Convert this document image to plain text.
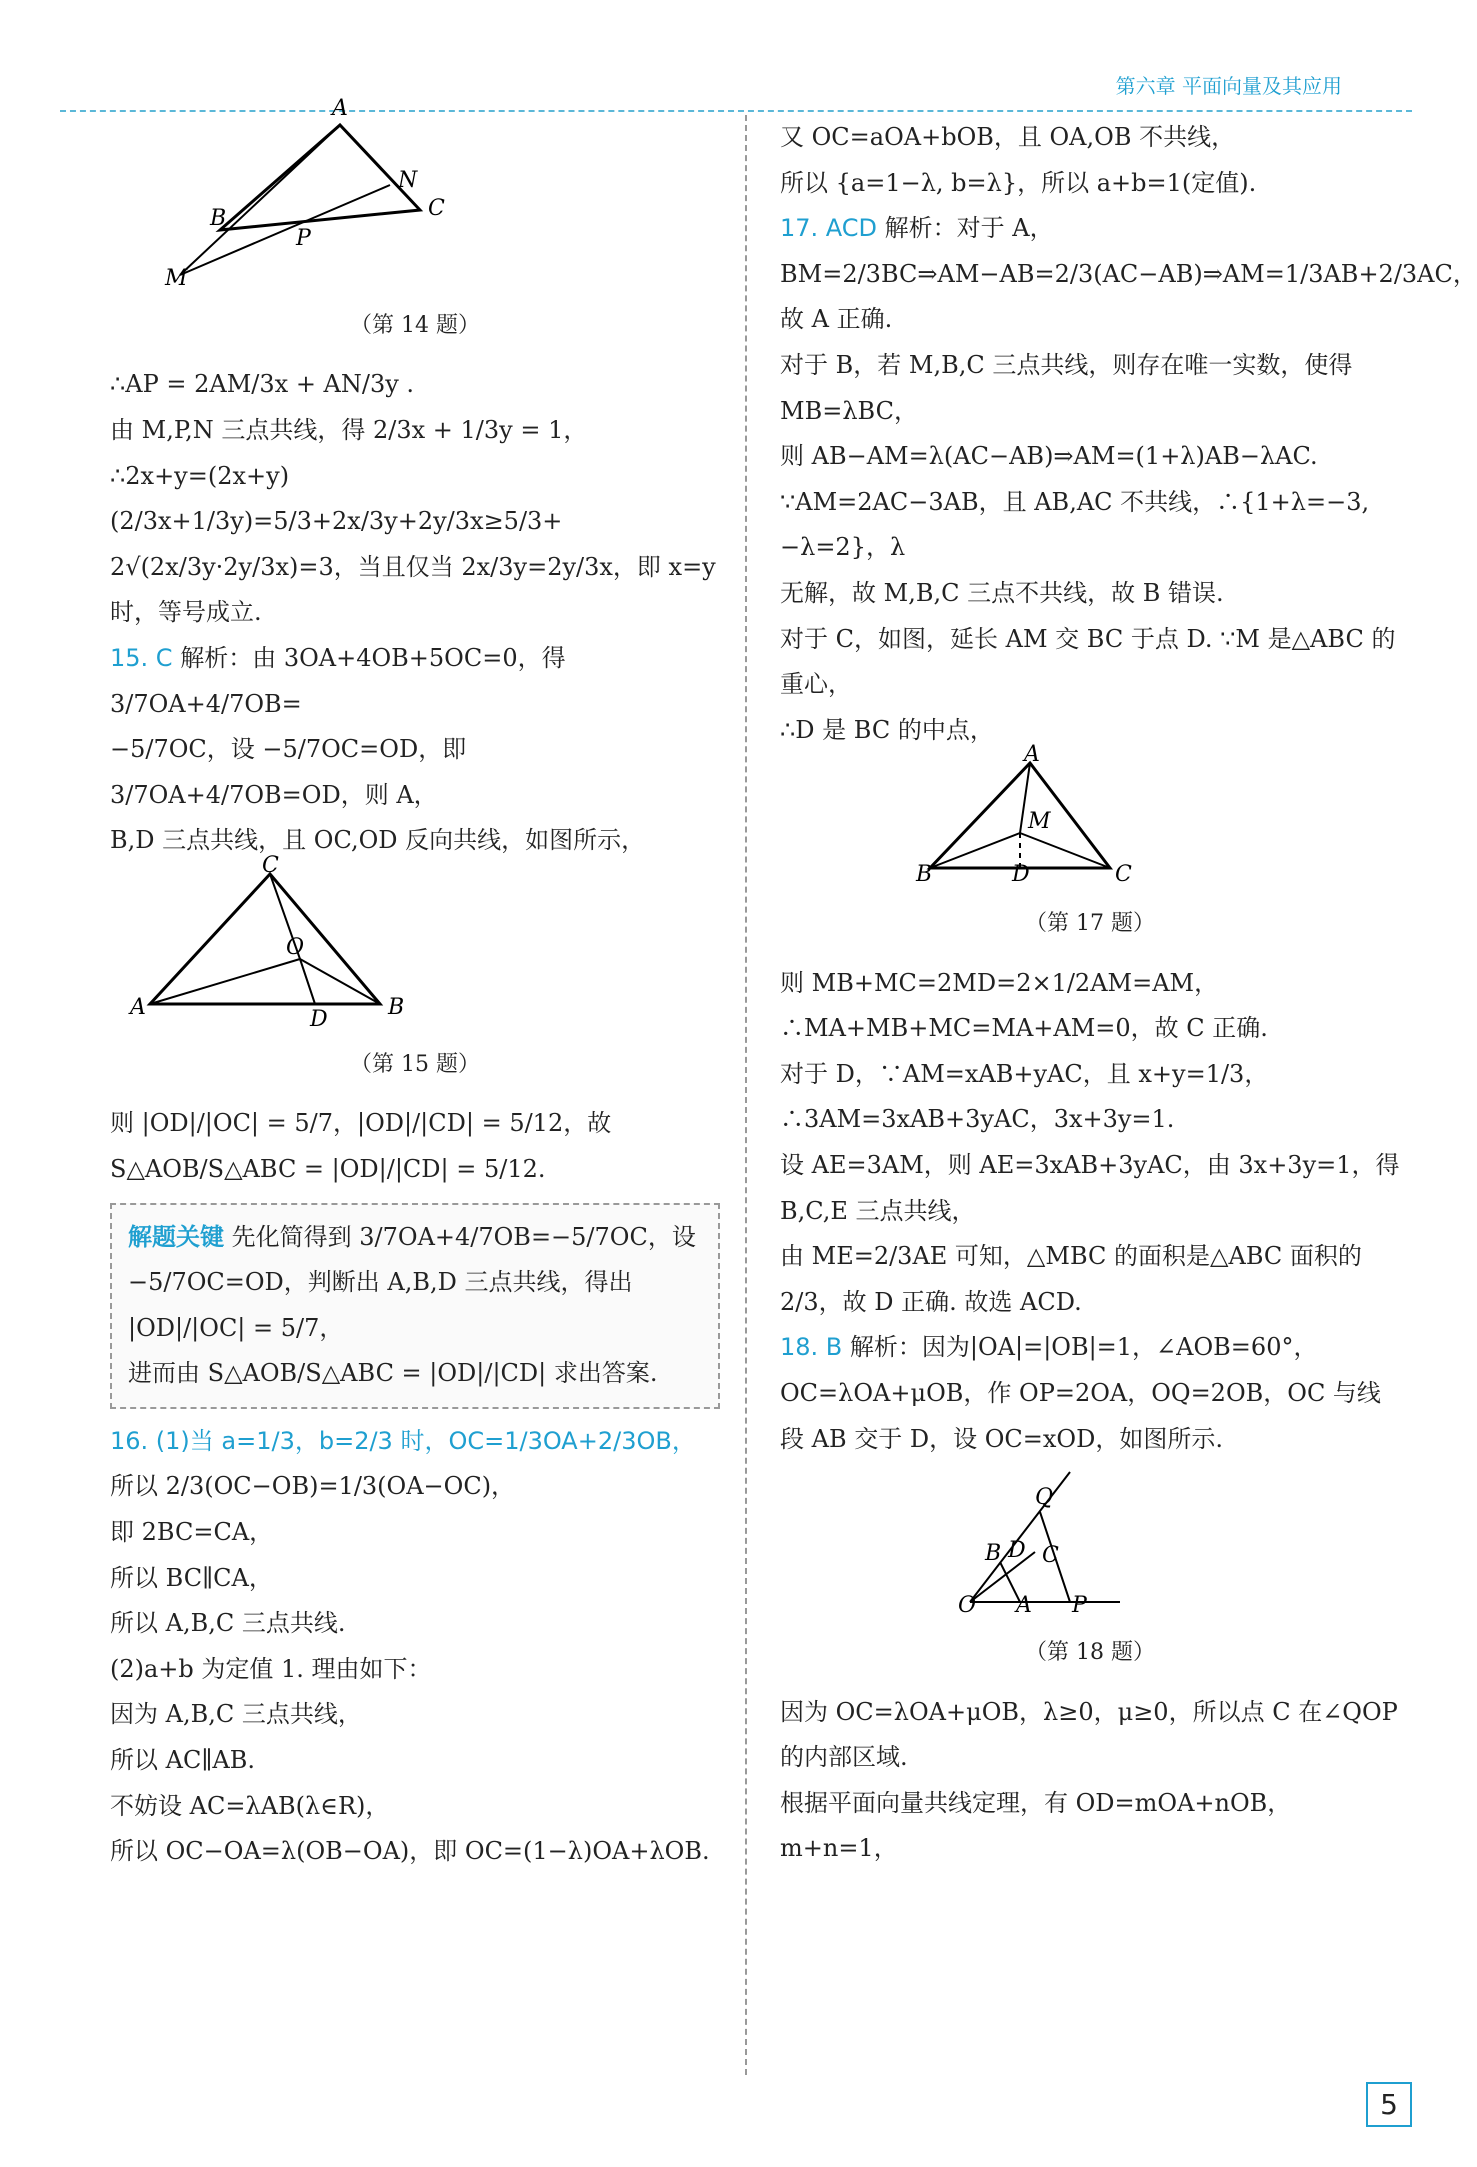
第六章 平面向量及其应用
A
B	C
N
P
M
（第 14 题）
∴AP = 2AM/3x + AN/3y .
由 M,P,N 三点共线，得 2/3x + 1/3y = 1，
∴2x+y=(2x+y)(2/3x+1/3y)=5/3+2x/3y+2y/3x≥5/3+
2√(2x/3y·2y/3x)=3，当且仅当 2x/3y=2y/3x，即 x=y 时，等号成立.
15. C 解析：由 3OA+4OB+5OC=0，得 3/7OA+4/7OB=
−5/7OC，设 −5/7OC=OD，即 3/7OA+4/7OB=OD，则 A，
B,D 三点共线，且 OC,OD 反向共线，如图所示，
C
A	B
O
D
（第 15 题）
则 |OD|/|OC| = 5/7，|OD|/|CD| = 5/12，故 S△AOB/S△ABC = |OD|/|CD| = 5/12.
解题关键 先化简得到 3/7OA+4/7OB=−5/7OC，设
−5/7OC=OD，判断出 A,B,D 三点共线，得出 |OD|/|OC| = 5/7，
进而由 S△AOB/S△ABC = |OD|/|CD| 求出答案.
16. (1)当 a=1/3，b=2/3 时，OC=1/3OA+2/3OB，
所以 2/3(OC−OB)=1/3(OA−OC)，
即 2BC=CA，
所以 BC∥CA，
所以 A,B,C 三点共线.
(2)a+b 为定值 1. 理由如下：
因为 A,B,C 三点共线，
所以 AC∥AB.
不妨设 AC=λAB(λ∈R)，
所以 OC−OA=λ(OB−OA)，即 OC=(1−λ)OA+λOB.
又 OC=aOA+bOB，且 OA,OB 不共线，
所以 {a=1−λ, b=λ}，所以 a+b=1(定值).
17. ACD 解析：对于 A，BM=2/3BC⇒AM−AB=2/3(AC−AB)⇒AM=1/3AB+2/3AC，故 A 正确.
对于 B，若 M,B,C 三点共线，则存在唯一实数，使得 MB=λBC，
则 AB−AM=λ(AC−AB)⇒AM=(1+λ)AB−λAC.
∵AM=2AC−3AB，且 AB,AC 不共线，∴{1+λ=−3, −λ=2}，λ
无解，故 M,B,C 三点不共线，故 B 错误.
对于 C，如图，延长 AM 交 BC 于点 D. ∵M 是△ABC 的重心，
∴D 是 BC 的中点，
A
B	C
D
M
（第 17 题）
则 MB+MC=2MD=2×1/2AM=AM，∴MA+MB+MC=MA+AM=0，故 C 正确.
对于 D，∵AM=xAB+yAC，且 x+y=1/3，∴3AM=3xAB+3yAC，3x+3y=1.
设 AE=3AM，则 AE=3xAB+3yAC，由 3x+3y=1，得 B,C,E 三点共线，
由 ME=2/3AE 可知，△MBC 的面积是△ABC 面积的 2/3，故 D 正确. 故选 ACD.
18. B 解析：因为|OA|=|OB|=1，∠AOB=60°，OC=λOA+μOB，作 OP=2OA，OQ=2OB，OC 与线段 AB 交于 D，设 OC=xOD，如图所示.
O A P
Q
B D C
（第 18 题）
因为 OC=λOA+μOB，λ≥0，μ≥0，所以点 C 在∠QOP 的内部区域.
根据平面向量共线定理，有 OD=mOA+nOB，m+n=1，
5
